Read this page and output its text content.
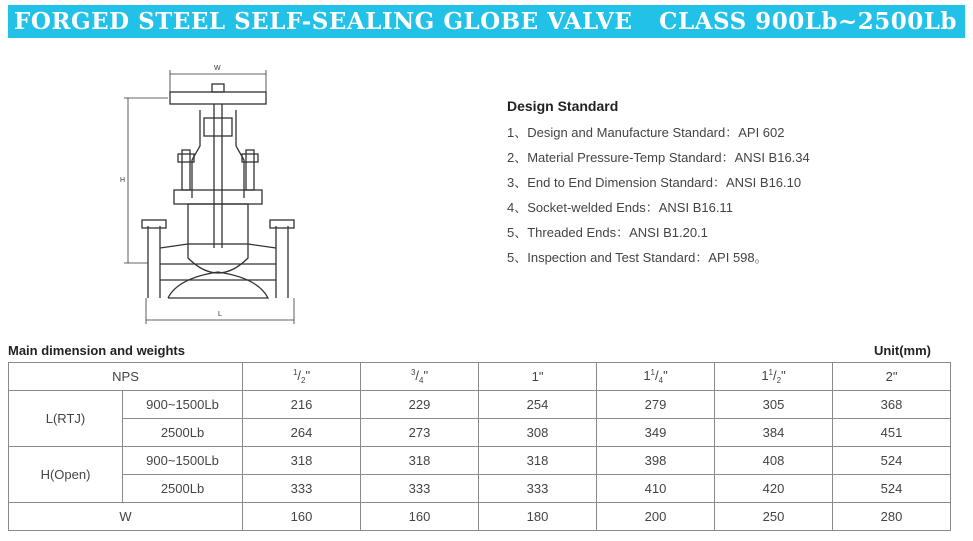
FORGED STEEL SELF-SEALING GLOBE VALVE CLASS 900Lb~2500Lb
W
H
L
Design Standard
1、Design and Manufacture Standard：API 602
2、Material Pressure-Temp Standard：ANSI B16.34
3、End to End Dimension Standard：ANSI B16.10
4、Socket-welded Ends：ANSI B16.11
5、Threaded Ends：ANSI B1.20.1
5、Inspection and Test Standard：API 598。
Main dimension and weights	Unit(mm)
NPS		$^1/_2$"	$^3/_4$"	1"	$1^1/_4$"	$1^1/_2$"	2"
L(RTJ)	900~1500Lb	216	229	254	279	305	368
	2500Lb	264	273	308	349	384	451
H(Open)	900~1500Lb	318	318	318	398	408	524
	2500Lb	333	333	333	410	420	524
W		160	160	180	200	250	280
